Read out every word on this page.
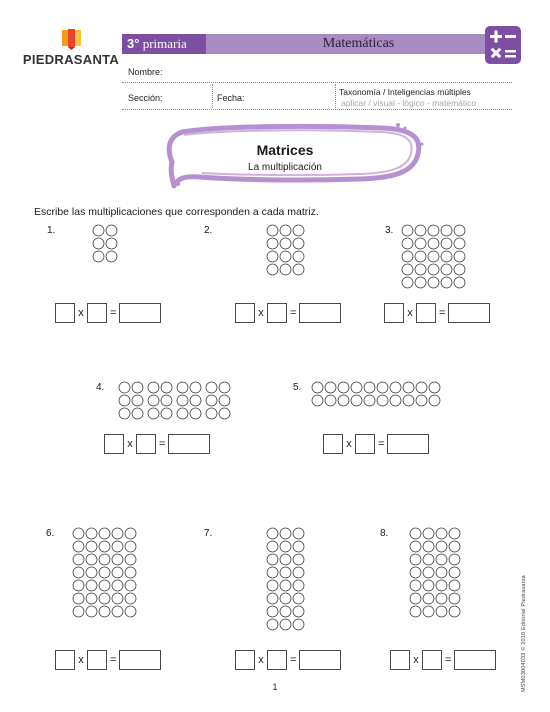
PIEDRASANTA
3° primaria	Matemáticas
Nombre:
Sección:	Fecha:
Taxonomía / Inteligencias múltiples
aplicar / visual - lógico - matemático
Matrices
La multiplicación
Escribe las multiplicaciones que corresponden a cada matriz.
1.
x =
2.
x =
3.
x =
4.
x =
5.
x =
6.
x =
7.
x =
8.
x =
1	MSM03004033 © 2018 Editorial Piedrasanta
